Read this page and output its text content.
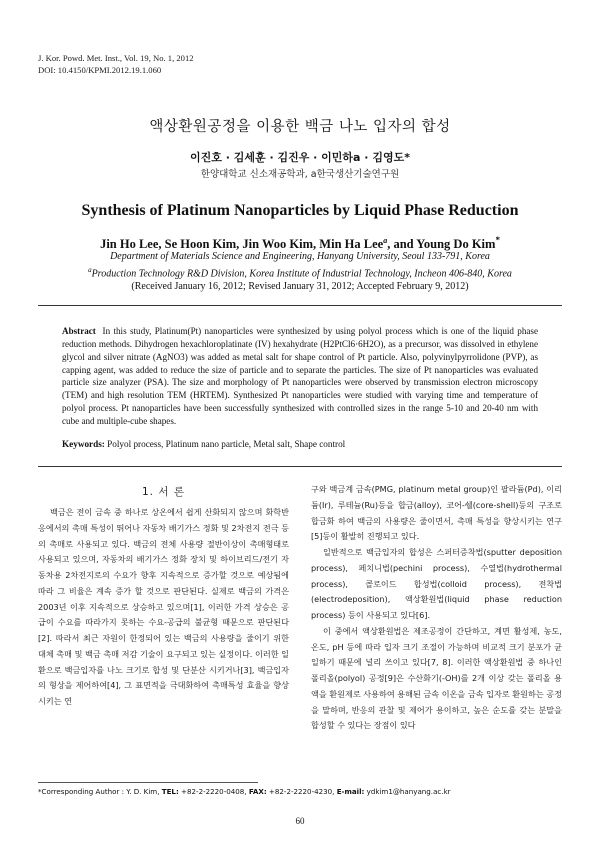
J. Kor. Powd. Met. Inst., Vol. 19, No. 1, 2012
DOI: 10.4150/KPMI.2012.19.1.060
액상환원공정을 이용한 백금 나노 입자의 합성
이진호 · 김세훈 · 김진우 · 이민하a · 김영도*
한양대학교 신소재공학과, a한국생산기술연구원
Synthesis of Platinum Nanoparticles by Liquid Phase Reduction
Jin Ho Lee, Se Hoon Kim, Jin Woo Kim, Min Ha Lee$^a$, and Young Do Kim*
Department of Materials Science and Engineering, Hanyang University, Seoul 133-791, Korea
$^a$Production Technology R&D Division, Korea Institute of Industrial Technology, Incheon 406-840, Korea
(Received January 16, 2012; Revised January 31, 2012; Accepted February 9, 2012)

Abstract In this study, Platinum(Pt) nanoparticles were synthesized by using polyol process which is one of the liquid phase reduction methods. Dihydrogen hexachloroplatinate (IV) hexahydrate (H2PtCl6·6H2O), as a precursor, was dissolved in ethylene glycol and silver nitrate (AgNO3) was added as metal salt for shape control of Pt particle. Also, polyvinylpyrrolidone (PVP), as capping agent, was added to reduce the size of particle and to separate the particles. The size of Pt nanoparticles was evaluated particle size analyzer (PSA). The size and morphology of Pt nanoparticles were observed by transmission electron microscopy (TEM) and high resolution TEM (HRTEM). Synthesized Pt nanoparticles were studied with varying time and temperature of polyol process. Pt nanoparticles have been successfully synthesized with controlled sizes in the range 5-10 and 20-40 nm with cube and multiple-cube shapes.

Keywords: Polyol process, Platinum nano particle, Metal salt, Shape control

1. 서 론

백금은 전이 금속 중 하나로 상온에서 쉽게 산화되지 않으며 화학반응에서의 촉매 특성이 뛰어나 자동차 배기가스 정화 및 2차전지 전극 등의 촉매로 사용되고 있다. 백금의 전체 사용량 절반이상이 촉매형태로 사용되고 있으며, 자동차의 배기가스 정화 장치 및 하이브리드/전기 자동차용 2차전지로의 수요가 향후 지속적으로 증가할 것으로 예상됨에 따라 그 비율은 계속 증가 할 것으로 판단된다. 실제로 백금의 가격은 2003년 이후 지속적으로 상승하고 있으며[1], 이러한 가격 상승은 공급이 수요를 따라가지 못하는 수요-공급의 불균형 때문으로 판단된다[2]. 따라서 최근 자원이 한정되어 있는 백금의 사용량을 줄이기 위한 대체 촉매 및 백금 촉매 저감 기술이 요구되고 있는 실정이다. 이러한 일환으로 백금입자를 나노 크기로 합성 및 단분산 시키거나[3], 백금입자의 형상을 제어하여[4], 그 표면적을 극대화하여 촉매특성 효율을 향상시키는 연

구와 백금계 금속(PMG, platinum metal group)인 팔라듐(Pd), 이리듐(Ir), 루테늄(Ru)등을 합금(alloy), 코어-쉘(core-shell)등의 구조로 합금화 하여 백금의 사용량은 줄이면서, 촉매 특성을 향상시키는 연구[5]등이 활발히 진행되고 있다.

일반적으로 백금입자의 합성은 스퍼터증착법(sputter deposition process), 페치니법(pechini process), 수열법(hydrothermal process), 콜로이드 합성법(colloid process), 전착법(electrodeposition), 액상환원법(liquid phase reduction process) 등이 사용되고 있다[6].

이 중에서 액상환원법은 제조공정이 간단하고, 계면 활성제, 농도, 온도, pH 등에 따라 입자 크기 조절이 가능하며 비교적 크기 분포가 균일하기 때문에 널리 쓰이고 있다[7, 8]. 이러한 액상환원법 중 하나인 폴리올(polyol) 공정[9]은 수산화기(-OH)를 2개 이상 갖는 폴리올 용액을 환원제로 사용하여 용해된 금속 이온을 금속 입자로 환원하는 공정을 말하며, 반응의 관찰 및 제어가 용이하고, 높은 순도를 갖는 분말을 합성할 수 있다는 장점이 있다

*Corresponding Author : Y. D. Kim, TEL: +82-2-2220-0408, FAX: +82-2-2220-4230, E-mail: ydkim1@hanyang.ac.kr
60
